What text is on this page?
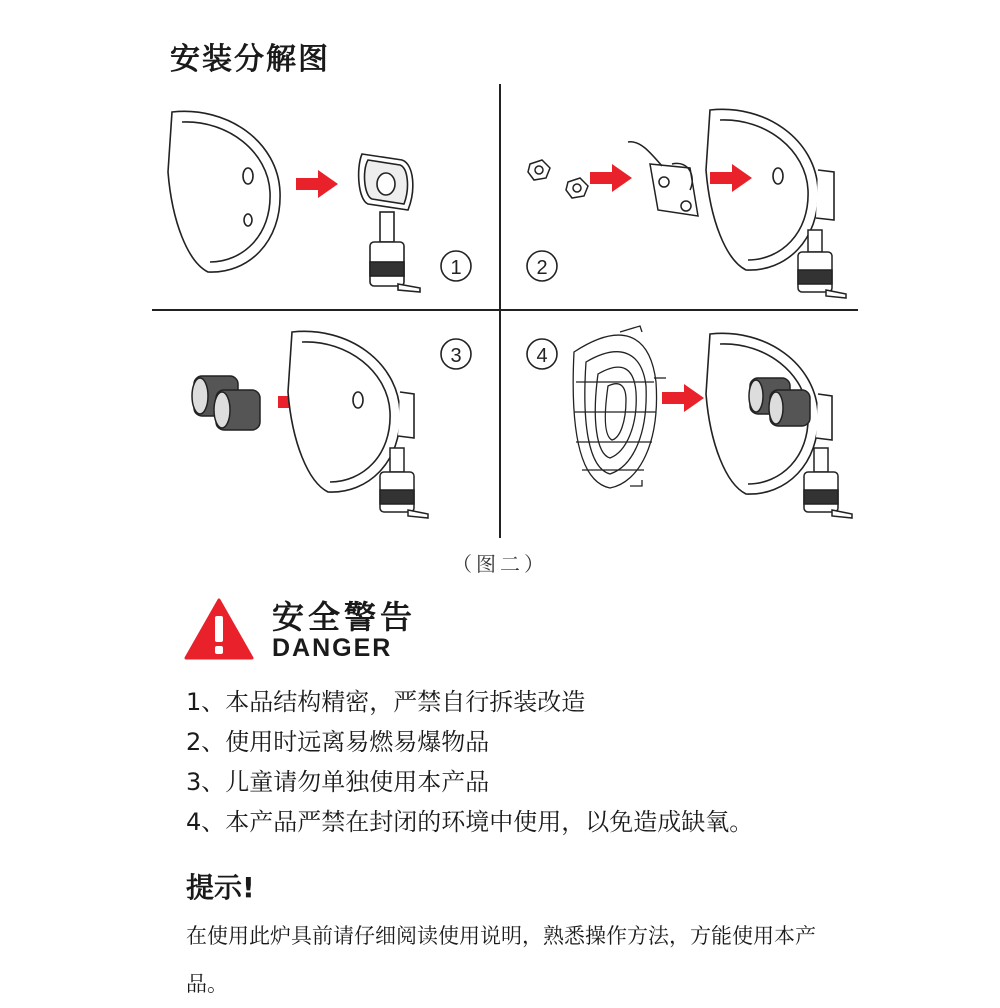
安装分解图
1	2
3	4
（图二）
安全警告
DANGER
1、本品结构精密，严禁自行拆装改造
2、使用时远离易燃易爆物品
3、儿童请勿单独使用本产品
4、本产品严禁在封闭的环境中使用，以免造成缺氧。
提示!
在使用此炉具前请仔细阅读使用说明，熟悉操作方法，方能使用本产品。
